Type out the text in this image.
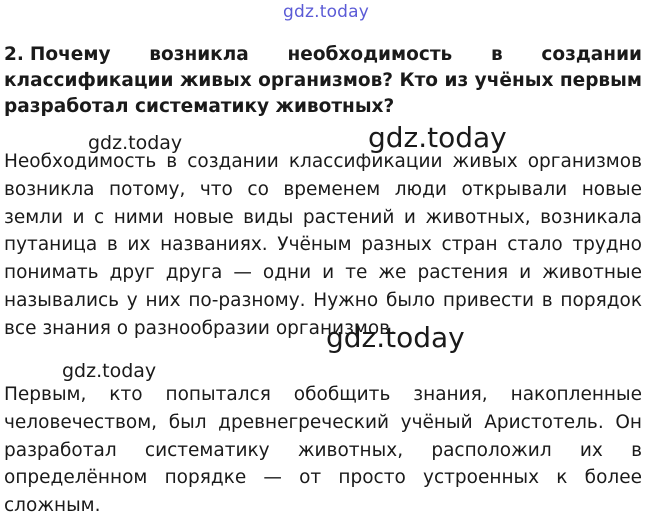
gdz.today
2. Почему возникла необходимость в создании классификации живых организмов? Кто из учёных первым разработал систематику животных?
Необходимость в создании классификации живых организмов возникла потому, что со временем люди открывали новые земли и с ними новые виды растений и животных, возникала путаница в их названиях. Учёным разных стран стало трудно понимать друг друга — одни и те же растения и животные назывались у них по-разному. Нужно было привести в порядок все знания о разнообразии организмов.
Первым, кто попытался обобщить знания, накопленные человечеством, был древнегреческий учёный Аристотель. Он разработал систематику животных, расположил их в определённом порядке — от просто устроенных к более сложным.
gdz.today	gdz.today
gdz.today
gdz.today
